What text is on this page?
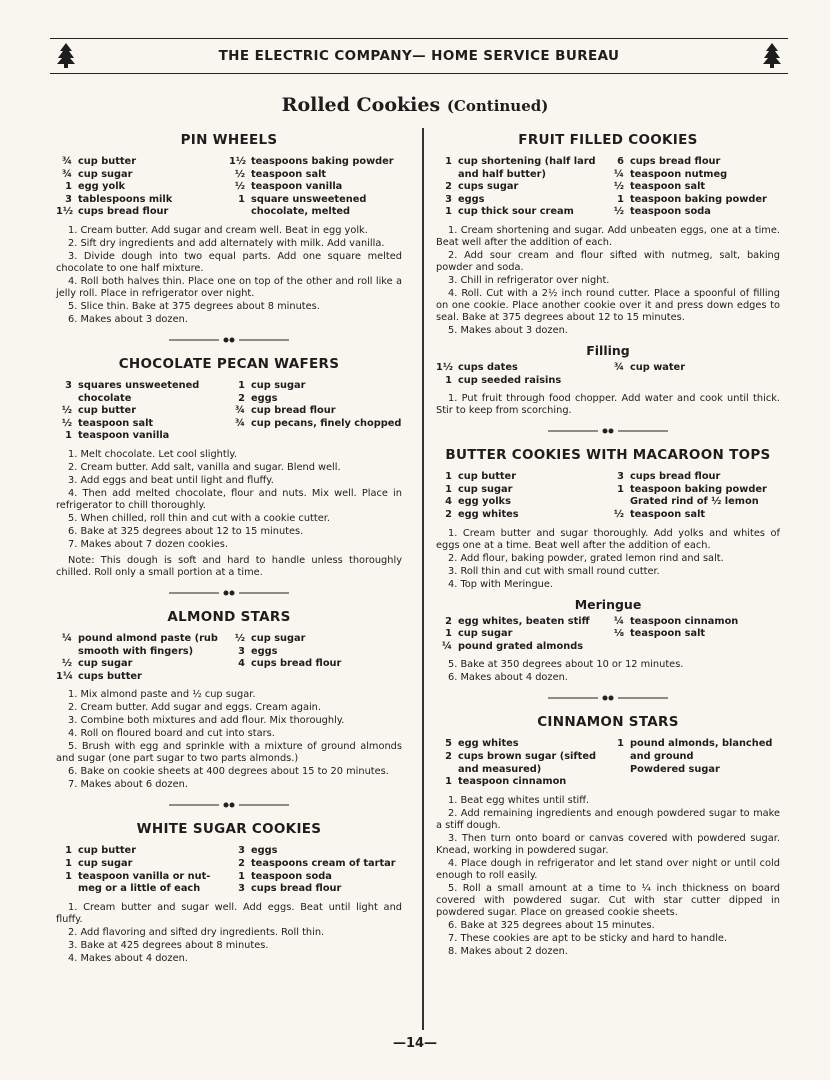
THE ELECTRIC COMPANY— HOME SERVICE BUREAU
Rolled Cookies (Continued)
PIN WHEELS
¾ cup butter
¾ cup sugar
1 egg yolk
3 tablespoons milk
1½ cups bread flour
1½ teaspoons baking powder
½ teaspoon salt
½ teaspoon vanilla
1 square unsweetened
chocolate, melted

1. Cream butter. Add sugar and cream well. Beat in egg yolk.

2. Sift dry ingredients and add alternately with milk. Add vanilla.

3. Divide dough into two equal parts. Add one square melted chocolate to one half mixture.

4. Roll both halves thin. Place one on top of the other and roll like a jelly roll. Place in refrigerator over night.

5. Slice thin. Bake at 375 degrees about 8 minutes.

6. Makes about 3 dozen.

CHOCOLATE PECAN WAFERS
3 squares unsweetened
chocolate
½ cup butter
½ teaspoon salt
1 teaspoon vanilla
1 cup sugar
2 eggs
¾ cup bread flour
¾ cup pecans, finely chopped

1. Melt chocolate. Let cool slightly.

2. Cream butter. Add salt, vanilla and sugar. Blend well.

3. Add eggs and beat until light and fluffy.

4. Then add melted chocolate, flour and nuts. Mix well. Place in refrigerator to chill thoroughly.

5. When chilled, roll thin and cut with a cookie cutter.

6. Bake at 325 degrees about 12 to 15 minutes.

7. Makes about 7 dozen cookies.

Note: This dough is soft and hard to handle unless thoroughly chilled. Roll only a small portion at a time.

ALMOND STARS
¼ pound almond paste (rub
smooth with fingers)
½ cup sugar
1¼ cups butter
½ cup sugar
3 eggs
4 cups bread flour

1. Mix almond paste and ½ cup sugar.

2. Cream butter. Add sugar and eggs. Cream again.

3. Combine both mixtures and add flour. Mix thoroughly.

4. Roll on floured board and cut into stars.

5. Brush with egg and sprinkle with a mixture of ground almonds and sugar (one part sugar to two parts almonds.)

6. Bake on cookie sheets at 400 degrees about 15 to 20 minutes.

7. Makes about 6 dozen.

WHITE SUGAR COOKIES
1 cup butter
1 cup sugar
1 teaspoon vanilla or nut-
meg or a little of each
3 eggs
2 teaspoons cream of tartar
1 teaspoon soda
3 cups bread flour

1. Cream butter and sugar well. Add eggs. Beat until light and fluffy.

2. Add flavoring and sifted dry ingredients. Roll thin.

3. Bake at 425 degrees about 8 minutes.

4. Makes about 4 dozen.

FRUIT FILLED COOKIES
1 cup shortening (half lard
and half butter)
2 cups sugar
3 eggs
1 cup thick sour cream
6 cups bread flour
¼ teaspoon nutmeg
½ teaspoon salt
1 teaspoon baking powder
½ teaspoon soda

1. Cream shortening and sugar. Add unbeaten eggs, one at a time. Beat well after the addition of each.

2. Add sour cream and flour sifted with nutmeg, salt, baking powder and soda.

3. Chill in refrigerator over night.

4. Roll. Cut with a 2½ inch round cutter. Place a spoonful of filling on one cookie. Place another cookie over it and press down edges to seal. Bake at 375 degrees about 12 to 15 minutes.

5. Makes about 3 dozen.

Filling
1½ cups dates
1 cup seeded raisins
¾ cup water

1. Put fruit through food chopper. Add water and cook until thick. Stir to keep from scorching.

BUTTER COOKIES WITH MACAROON TOPS
1 cup butter
1 cup sugar
4 egg yolks
2 egg whites
3 cups bread flour
1 teaspoon baking powder
Grated rind of ½ lemon
½ teaspoon salt

1. Cream butter and sugar thoroughly. Add yolks and whites of eggs one at a time. Beat well after the addition of each.

2. Add flour, baking powder, grated lemon rind and salt.

3. Roll thin and cut with small round cutter.

4. Top with Meringue.

Meringue
2 egg whites, beaten stiff
1 cup sugar
¼ pound grated almonds
¼ teaspoon cinnamon
⅛ teaspoon salt

5. Bake at 350 degrees about 10 or 12 minutes.

6. Makes about 4 dozen.

CINNAMON STARS
5 egg whites
2 cups brown sugar (sifted
and measured)
1 teaspoon cinnamon
1 pound almonds, blanched
and ground
Powdered sugar

1. Beat egg whites until stiff.

2. Add remaining ingredients and enough powdered sugar to make a stiff dough.

3. Then turn onto board or canvas covered with powdered sugar. Knead, working in powdered sugar.

4. Place dough in refrigerator and let stand over night or until cold enough to roll easily.

5. Roll a small amount at a time to ¼ inch thickness on board covered with powdered sugar. Cut with star cutter dipped in powdered sugar. Place on greased cookie sheets.

6. Bake at 325 degrees about 15 minutes.

7. These cookies are apt to be sticky and hard to handle.

8. Makes about 2 dozen.

—14—
